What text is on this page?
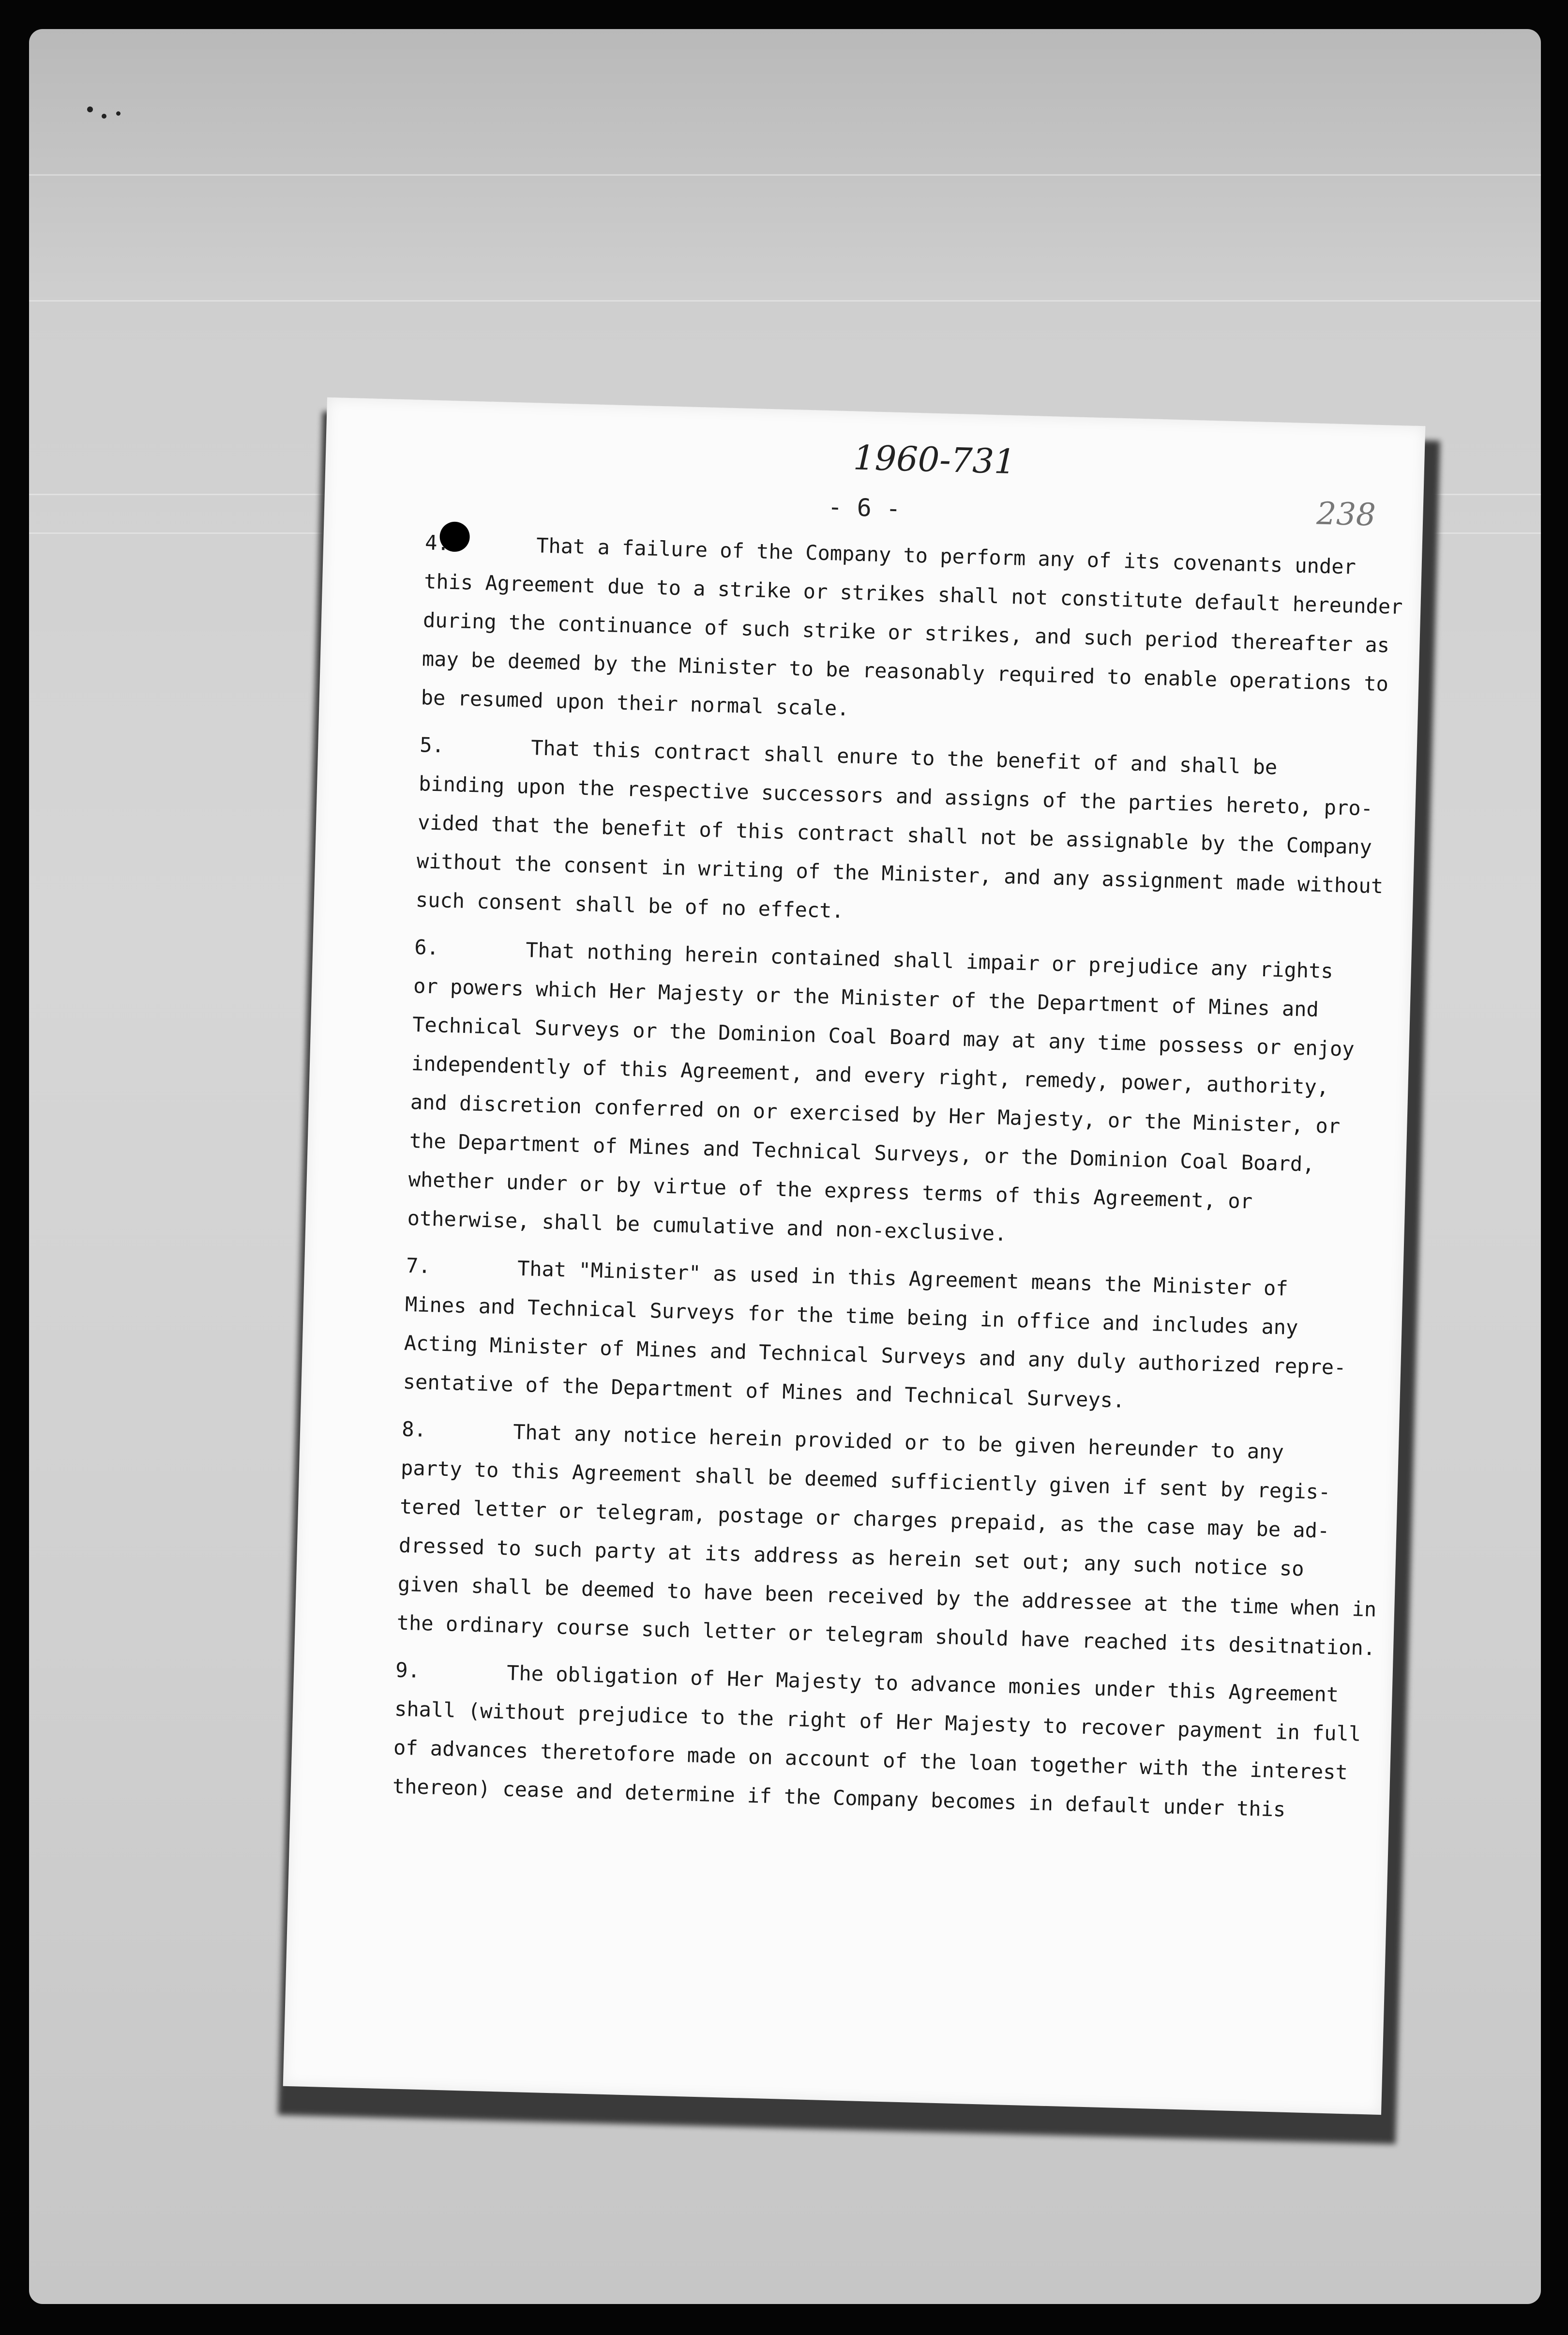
1960-731
238
- 6 -
4.	That a failure of the Company to perform any of its covenants under
this Agreement due to a strike or strikes shall not constitute default hereunder
during the continuance of such strike or strikes, and such period thereafter as
may be deemed by the Minister to be reasonably required to enable operations to
be resumed upon their normal scale.
5.	That this contract shall enure to the benefit of and shall be
binding upon the respective successors and assigns of the parties hereto, pro-
vided that the benefit of this contract shall not be assignable by the Company
without the consent in writing of the Minister, and any assignment made without
such consent shall be of no effect.
6.	That nothing herein contained shall impair or prejudice any rights
or powers which Her Majesty or the Minister of the Department of Mines and
Technical Surveys or the Dominion Coal Board may at any time possess or enjoy
independently of this Agreement, and every right, remedy, power, authority,
and discretion conferred on or exercised by Her Majesty, or the Minister, or
the Department of Mines and Technical Surveys, or the Dominion Coal Board,
whether under or by virtue of the express terms of this Agreement, or
otherwise, shall be cumulative and non-exclusive.
7.	That "Minister" as used in this Agreement means the Minister of
Mines and Technical Surveys for the time being in office and includes any
Acting Minister of Mines and Technical Surveys and any duly authorized repre-
sentative of the Department of Mines and Technical Surveys.
8.	That any notice herein provided or to be given hereunder to any
party to this Agreement shall be deemed sufficiently given if sent by regis-
tered letter or telegram, postage or charges prepaid, as the case may be ad-
dressed to such party at its address as herein set out; any such notice so
given shall be deemed to have been received by the addressee at the time when in
the ordinary course such letter or telegram should have reached its desitnation.
9.	The obligation of Her Majesty to advance monies under this Agreement
shall (without prejudice to the right of Her Majesty to recover payment in full
of advances theretofore made on account of the loan together with the interest
thereon) cease and determine if the Company becomes in default under this
